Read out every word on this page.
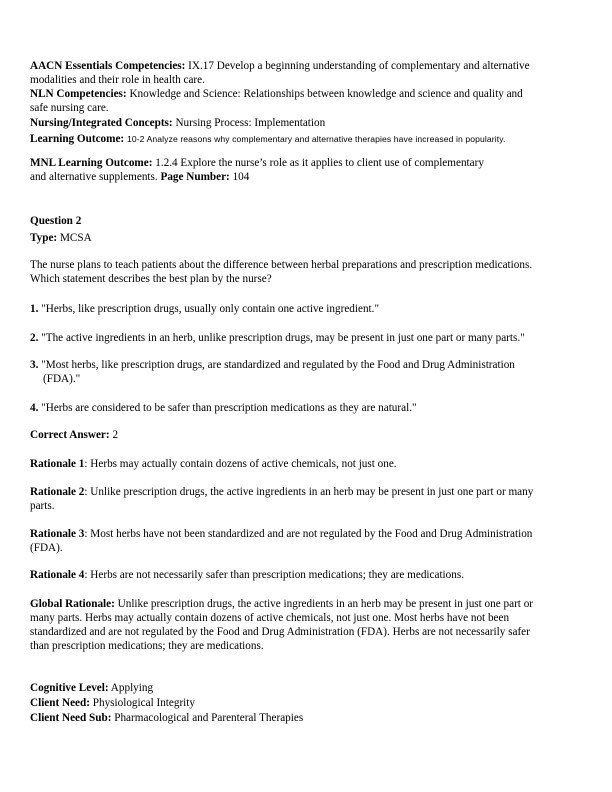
AACN Essentials Competencies: IX.17 Develop a beginning understanding of complementary and alternative
modalities and their role in health care.
NLN Competencies: Knowledge and Science: Relationships between knowledge and science and quality and
safe nursing care.
Nursing/Integrated Concepts: Nursing Process: Implementation
Learning Outcome: 10-2 Analyze reasons why complementary and alternative therapies have increased in popularity.
MNL Learning Outcome: 1.2.4 Explore the nurse’s role as it applies to client use of complementary
and alternative supplements. Page Number: 104
Question 2
Type: MCSA
The nurse plans to teach patients about the difference between herbal preparations and prescription medications.
Which statement describes the best plan by the nurse?
1. "Herbs, like prescription drugs, usually only contain one active ingredient."
2. "The active ingredients in an herb, unlike prescription drugs, may be present in just one part or many parts."
3. "Most herbs, like prescription drugs, are standardized and regulated by the Food and Drug Administration
(FDA)."
4. "Herbs are considered to be safer than prescription medications as they are natural."
Correct Answer: 2
Rationale 1: Herbs may actually contain dozens of active chemicals, not just one.
Rationale 2: Unlike prescription drugs, the active ingredients in an herb may be present in just one part or many
parts.
Rationale 3: Most herbs have not been standardized and are not regulated by the Food and Drug Administration
(FDA).
Rationale 4: Herbs are not necessarily safer than prescription medications; they are medications.
Global Rationale: Unlike prescription drugs, the active ingredients in an herb may be present in just one part or
many parts. Herbs may actually contain dozens of active chemicals, not just one. Most herbs have not been
standardized and are not regulated by the Food and Drug Administration (FDA). Herbs are not necessarily safer
than prescription medications; they are medications.
Cognitive Level: Applying
Client Need: Physiological Integrity
Client Need Sub: Pharmacological and Parenteral Therapies
